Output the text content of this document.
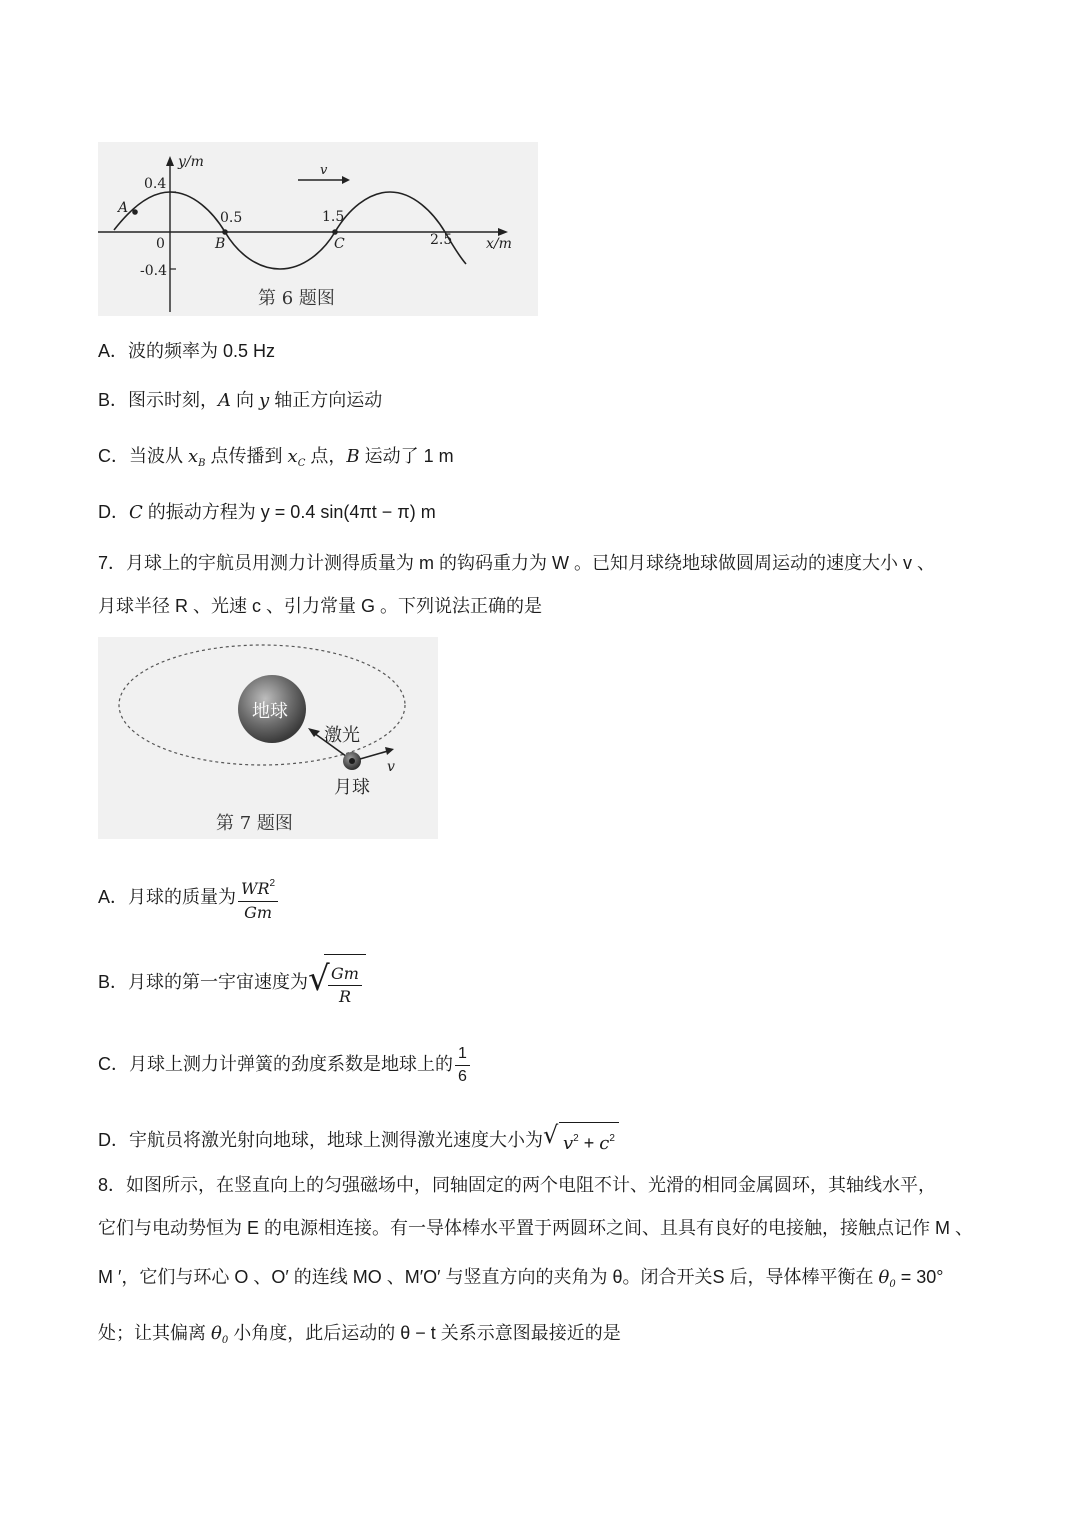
y/m
x/m
0.4
-0.4
0
0.5	1.5
2.5
A
B	C
v
第 6 题图
A．波的频率为 0.5 Hz
B．图示时刻，A 向 y 轴正方向运动
C．当波从 $x_B$ 点传播到 $x_C$ 点，B 运动了 1 m
D．C 的振动方程为 y = 0.4 sin(4πt − π) m
7．月球上的宇航员用测力计测得质量为 m 的钩码重力为 W 。已知月球绕地球做圆周运动的速度大小 v 、
月球半径 R 、光速 c 、引力常量 G 。下列说法正确的是
地球
激光
v
月球
第 7 题图
A．月球的质量为 $\frac{WR^2}{Gm}$
B．月球的第一宇宙速度为 √
$\frac{Gm}{R}$
C．月球上测力计弹簧的劲度系数是地球上的 $\frac{1}{6}$
D．宇航员将激光射向地球，地球上测得激光速度大小为 √ $v^2 + c^2$
8．如图所示，在竖直向上的匀强磁场中，同轴固定的两个电阻不计、光滑的相同金属圆环，其轴线水平，
它们与电动势恒为 E 的电源相连接。有一导体棒水平置于两圆环之间、且具有良好的电接触，接触点记作 M 、
M ′，它们与环心 O 、O′ 的连线 MO 、M′O′ 与竖直方向的夹角为 θ。闭合开关S 后，导体棒平衡在 $\theta_0 = 30^\circ$
处；让其偏离 $\theta_0$ 小角度，此后运动的 θ − t 关系示意图最接近的是
